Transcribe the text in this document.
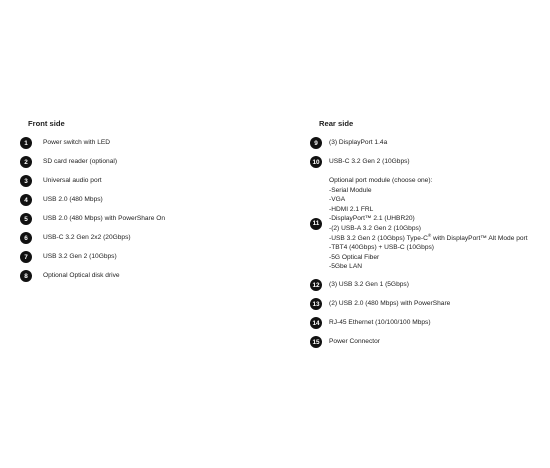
Front side
1	Power switch with LED
2	SD card reader (optional)
3	Universal audio port
4	USB 2.0 (480 Mbps)
5	USB 2.0 (480 Mbps) with PowerShare On
6	USB-C 3.2 Gen 2x2 (20Gbps)
7	USB 3.2 Gen 2 (10Gbps)
8	Optional Optical disk drive
Rear side
9	(3) DisplayPort 1.4a
10	USB-C 3.2 Gen 2 (10Gbps)
11
Optional port module (choose one):
-Serial Module
-VGA
-HDMI 2.1 FRL
-DisplayPort™ 2.1 (UHBR20)
-(2) USB-A 3.2 Gen 2 (10Gbps)
-USB 3.2 Gen 2 (10Gbps) Type-C® with DisplayPort™ Alt Mode port
-TBT4 (40Gbps) + USB-C (10Gbps)
-5G Optical Fiber
-5Gbe LAN
12	(3) USB 3.2 Gen 1 (5Gbps)
13	(2) USB 2.0 (480 Mbps) with PowerShare
14	RJ-45 Ethernet (10/100/100 Mbps)
15	Power Connector
